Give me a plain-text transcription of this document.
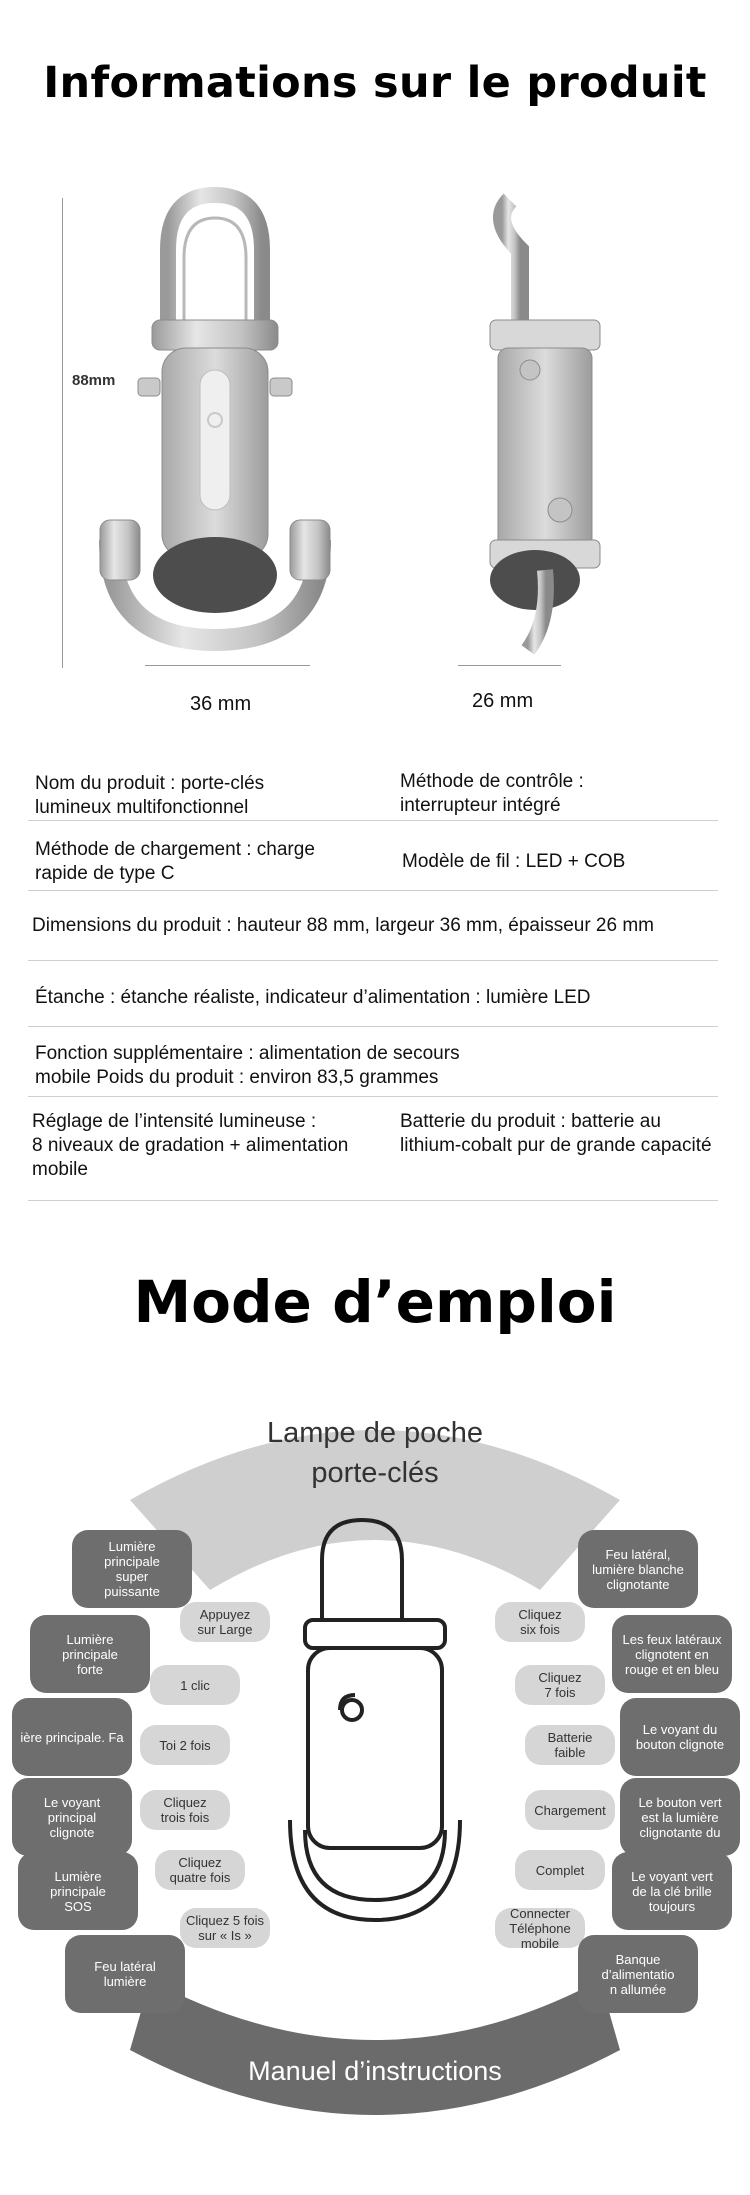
Informations sur le produit
88mm
36 mm	26 mm
Nom du produit : porte-clés
lumineux multifonctionnel
Méthode de contrôle :
interrupteur intégré
Méthode de chargement : charge
rapide de type C
Modèle de fil : LED + COB
Dimensions du produit : hauteur 88 mm, largeur 36 mm, épaisseur 26 mm
Étanche : étanche réaliste, indicateur d’alimentation : lumière LED
Fonction supplémentaire : alimentation de secours
mobile Poids du produit : environ 83,5 grammes
Réglage de l’intensité lumineuse :
8 niveaux de gradation + alimentation
mobile
Batterie du produit : batterie au
lithium-cobalt pur de grande capacité
Mode d’emploi
Lampe de poche
porte-clés
Manuel d’instructions
Lumière
principale
super
puissante
Lumière
principale
forte
ière principale. Fa
Le voyant
principal
clignote
Lumière
principale
SOS
Feu latéral
lumière
Appuyez
sur Large
1 clic
Toi 2 fois
Cliquez
trois fois
Cliquez
quatre fois
Cliquez 5 fois
sur « Is »
Cliquez
six fois
Cliquez
7 fois
Batterie
faible
Chargement
Complet
Connecter
Téléphone
mobile
Feu latéral,
lumière blanche
clignotante
Les feux latéraux
clignotent en
rouge et en bleu
Le voyant du
bouton clignote
Le bouton vert
est la lumière
clignotante du
Le voyant vert
de la clé brille
toujours
Banque
d’alimentatio
n allumée
